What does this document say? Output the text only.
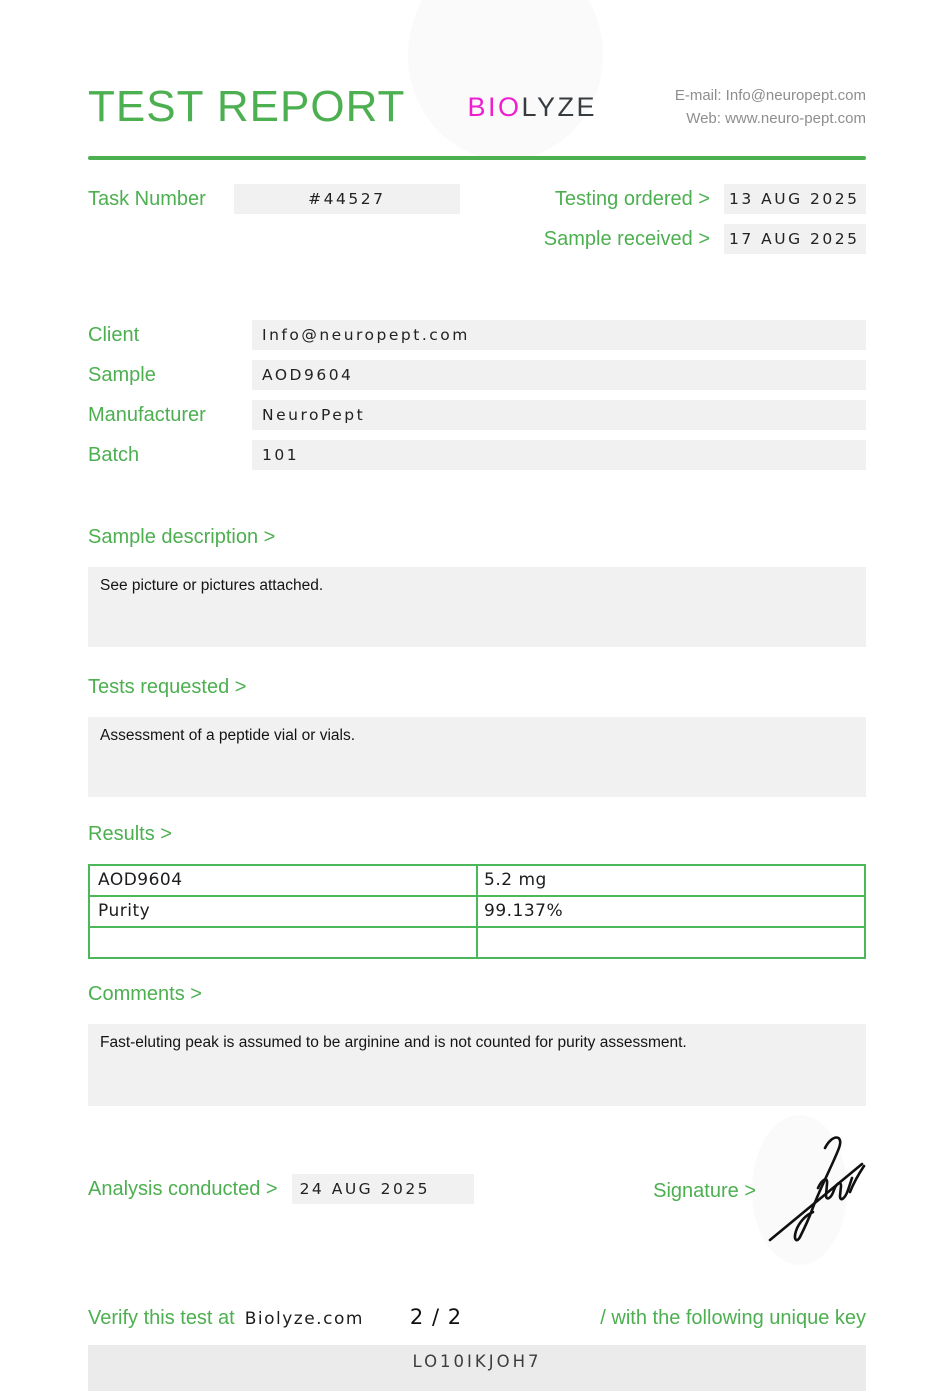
TEST REPORT BIOLYZE	E-mail: Info@neuropept.com
Web: www.neuro-pept.com
Task Number	#44527	Testing ordered >	13 AUG 2025
Sample received >	17 AUG 2025
Client	Info@neuropept.com
Sample	AOD9604
Manufacturer	NeuroPept
Batch	101
Sample description >
See picture or pictures attached.
Tests requested >
Assessment of a peptide vial or vials.
Results >
AOD9604	5.2 mg
Purity	99.137%

Comments >
Fast-eluting peak is assumed to be arginine and is not counted for purity assessment.
Analysis conducted >	24 AUG 2025	Signature >
Verify this test at Biolyze.com 2 / 2	/ with the following unique key
LO10IKJOH7
